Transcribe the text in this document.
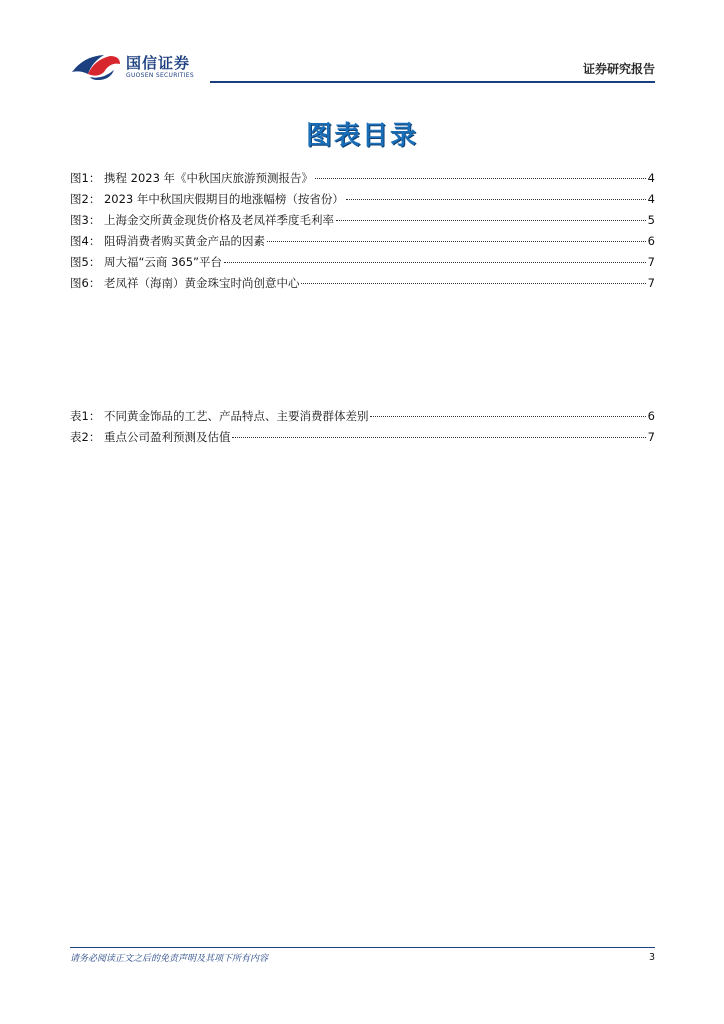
国信证券
GUOSEN SECURITIES	证券研究报告
图表目录
图1： 携程 2023 年《中秋国庆旅游预测报告》	4
图2： 2023 年中秋国庆假期目的地涨幅榜（按省份）	4
图3： 上海金交所黄金现货价格及老凤祥季度毛利率	5
图4： 阻碍消费者购买黄金产品的因素	6
图5： 周大福“云商 365”平台	7
图6： 老凤祥（海南）黄金珠宝时尚创意中心	7
表1： 不同黄金饰品的工艺、产品特点、主要消费群体差别	6
表2： 重点公司盈利预测及估值	7
请务必阅读正文之后的免责声明及其项下所有内容	3
